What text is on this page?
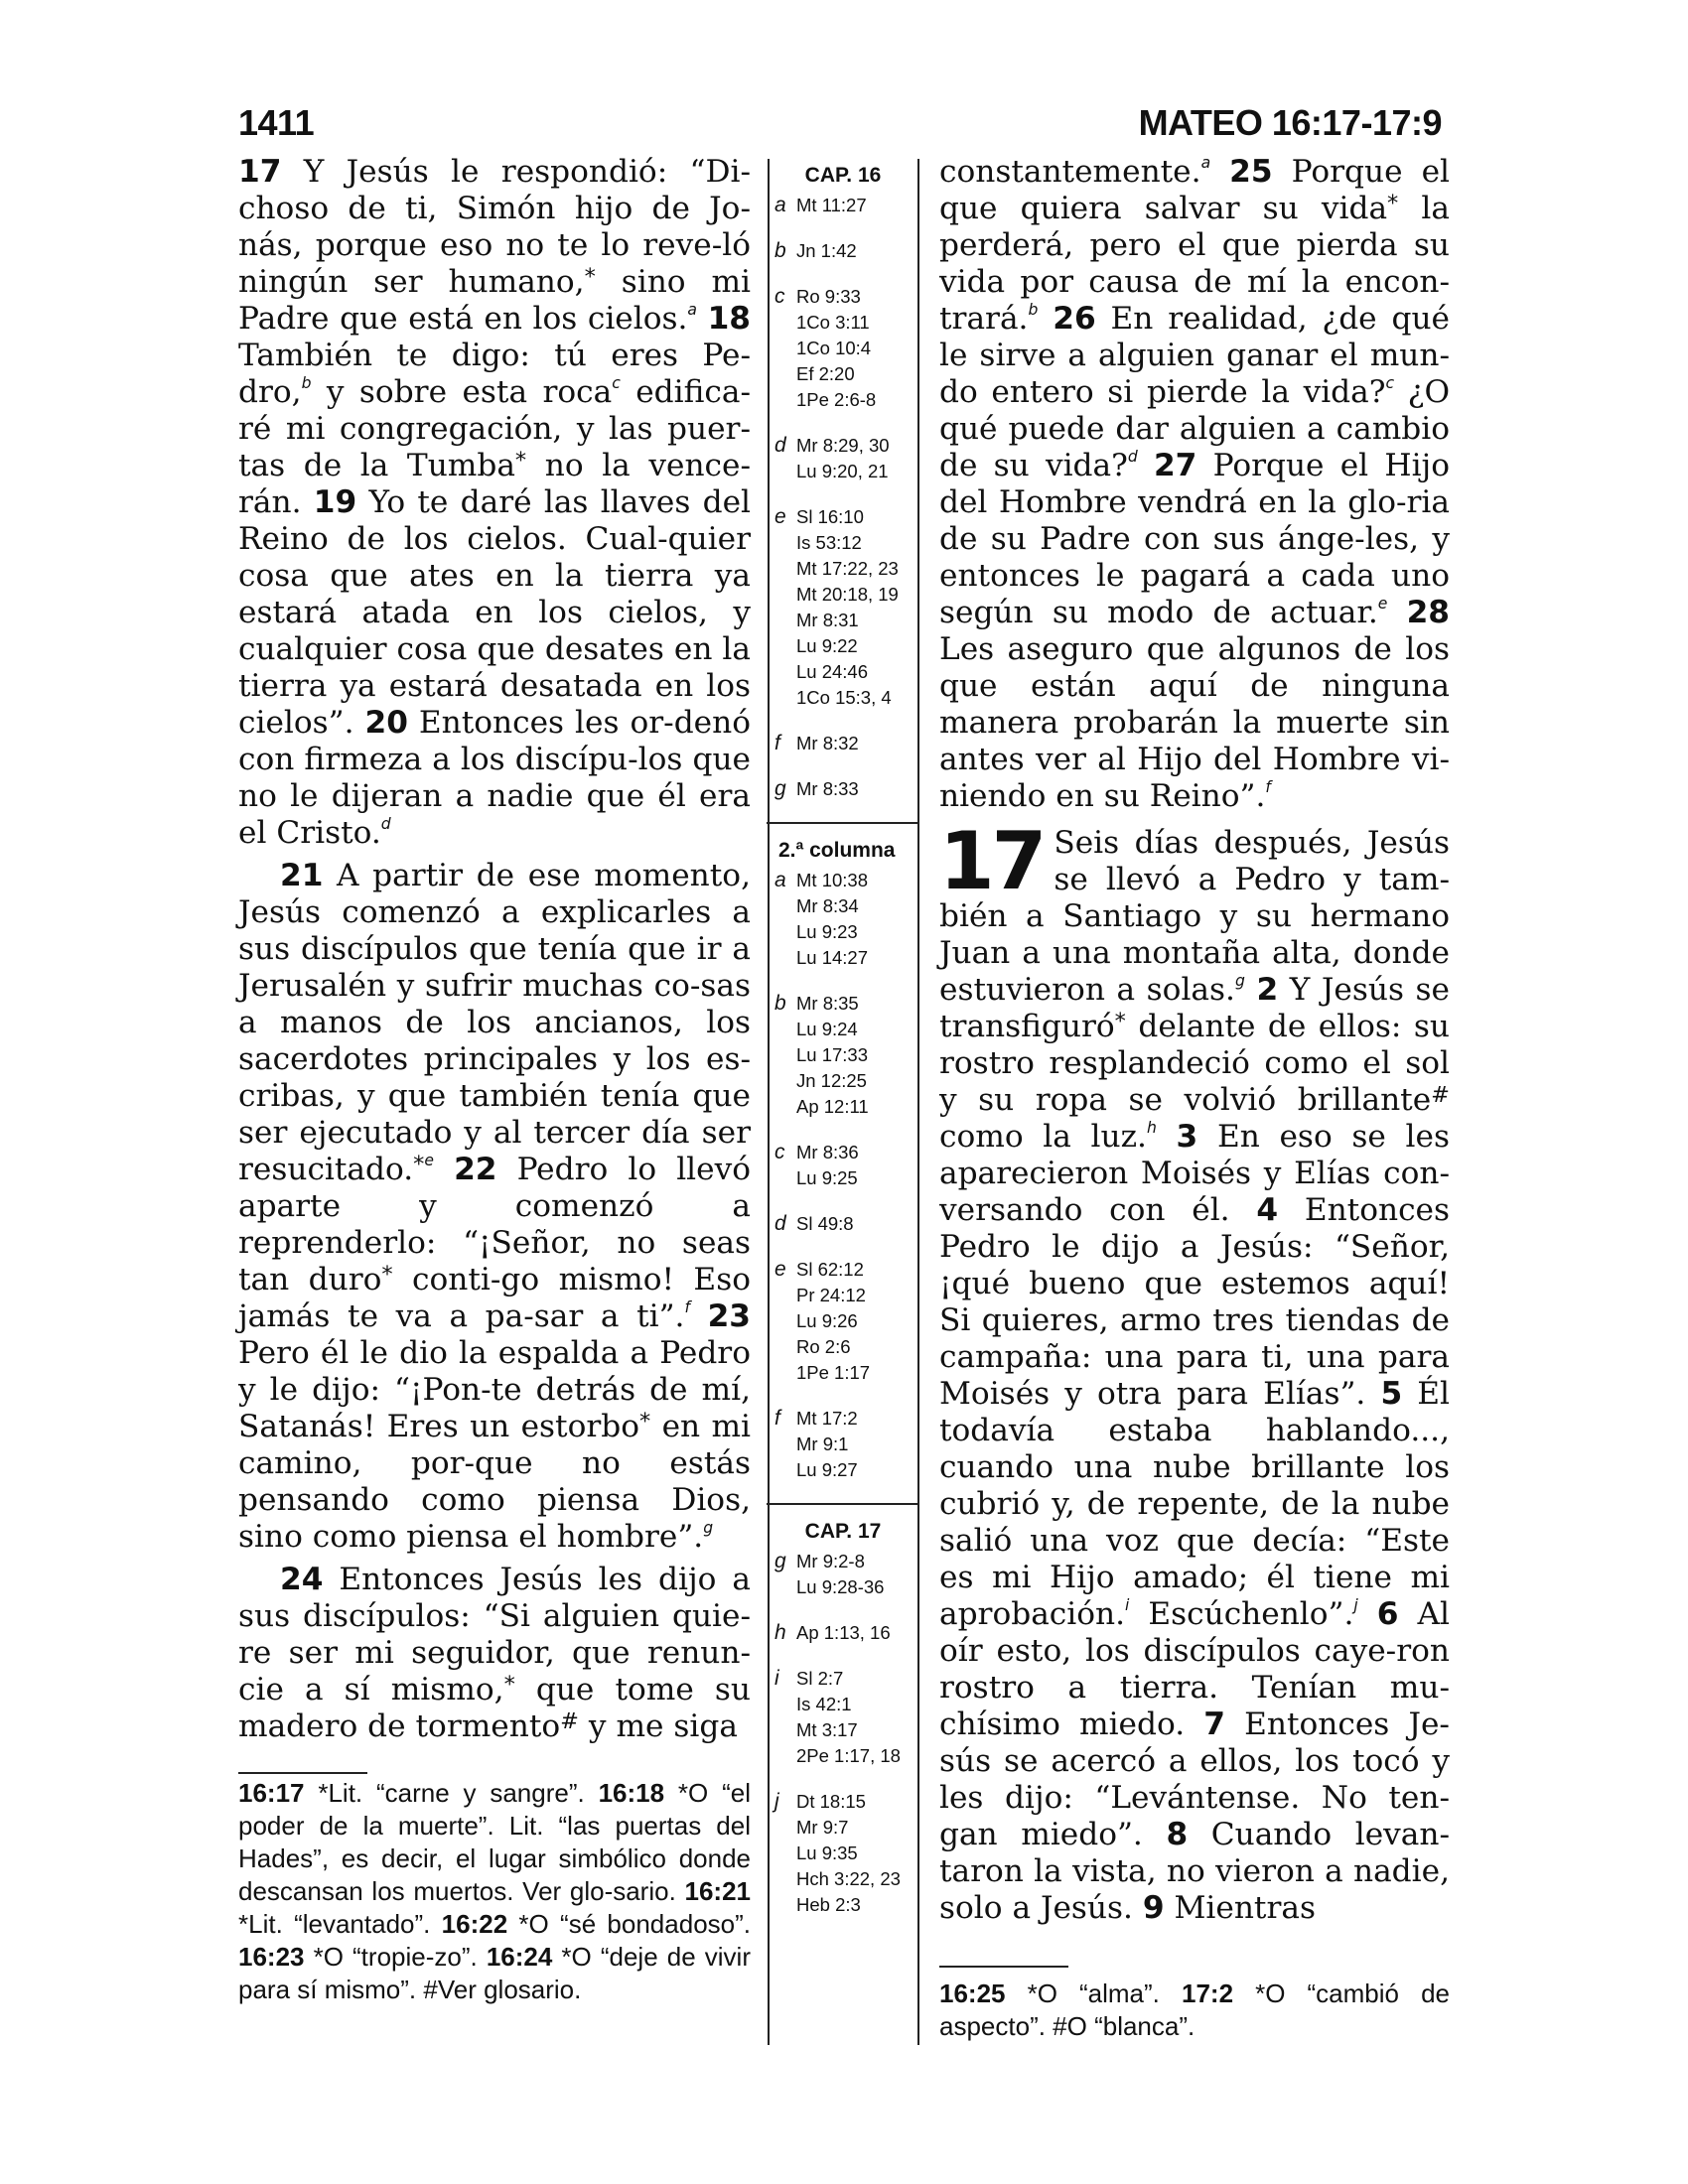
1411	MATEO 16:17-17:9

17 Y Jesús le respondió: “Di-choso de ti, Simón hijo de Jo-nás, porque eso no te lo reve-ló ningún ser humano,* sino mi Padre que está en los cielos.$^a$ 18 También te digo: tú eres Pe-dro,$^b$ y sobre esta roca$^c$ edifica-ré mi congregación, y las puer-tas de la Tumba* no la vence-rán. 19 Yo te daré las llaves del Reino de los cielos. Cual-quier cosa que ates en la tierra ya estará atada en los cielos, y cualquier cosa que desates en la tierra ya estará desatada en los cielos”. 20 Entonces les or-denó con firmeza a los discípu-los que no le dijeran a nadie que él era el Cristo.$^d$

21 A partir de ese momento, Jesús comenzó a explicarles a sus discípulos que tenía que ir a Jerusalén y sufrir muchas co-sas a manos de los ancianos, los sacerdotes principales y los es-cribas, y que también tenía que ser ejecutado y al tercer día ser resucitado.$^{*e}$ 22 Pedro lo llevó aparte y comenzó a reprenderlo: “¡Señor, no seas tan duro* conti-go mismo! Eso jamás te va a pa-sar a ti”.$^f$ 23 Pero él le dio la espalda a Pedro y le dijo: “¡Pon-te detrás de mí, Satanás! Eres un estorbo* en mi camino, por-que no estás pensando como piensa Dios, sino como piensa el hombre”.$^g$

24 Entonces Jesús les dijo a sus discípulos: “Si alguien quie-re ser mi seguidor, que renun-cie a sí mismo,* que tome su madero de tormento# y me siga

16:17 *Lit. “carne y sangre”. 16:18 *O “el poder de la muerte”. Lit. “las puertas del Hades”, es decir, el lugar simbólico donde descansan los muertos. Ver glo-sario. 16:21 *Lit. “levantado”. 16:22 *O “sé bondadoso”. 16:23 *O “tropie-zo”. 16:24 *O “deje de vivir para sí mismo”. #Ver glosario.
CAP. 16
a Mt 11:27
b Jn 1:42
c Ro 9:33
1Co 3:11
1Co 10:4
Ef 2:20
1Pe 2:6-8
d Mr 8:29, 30
Lu 9:20, 21
e Sl 16:10
Is 53:12
Mt 17:22, 23
Mt 20:18, 19
Mr 8:31
Lu 9:22
Lu 24:46
1Co 15:3, 4
f Mr 8:32
g Mr 8:33
2.ª columna
a Mt 10:38
Mr 8:34
Lu 9:23
Lu 14:27
b Mr 8:35
Lu 9:24
Lu 17:33
Jn 12:25
Ap 12:11
c Mr 8:36
Lu 9:25
d Sl 49:8
e Sl 62:12
Pr 24:12
Lu 9:26
Ro 2:6
1Pe 1:17
f Mt 17:2
Mr 9:1
Lu 9:27
CAP. 17
g Mr 9:2-8
Lu 9:28-36
h Ap 1:13, 16
i Sl 2:7
Is 42:1
Mt 3:17
2Pe 1:17, 18
j Dt 18:15
Mr 9:7
Lu 9:35
Hch 3:22, 23
Heb 2:3

constantemente.$^a$ 25 Porque el que quiera salvar su vida* la perderá, pero el que pierda su vida por causa de mí la encon-trará.$^b$ 26 En realidad, ¿de qué le sirve a alguien ganar el mun-do entero si pierde la vida?$^c$ ¿O qué puede dar alguien a cambio de su vida?$^d$ 27 Porque el Hijo del Hombre vendrá en la glo-ria de su Padre con sus ánge-les, y entonces le pagará a cada uno según su modo de actuar.$^e$ 28 Les aseguro que algunos de los que están aquí de ninguna manera probarán la muerte sin antes ver al Hijo del Hombre vi-niendo en su Reino”.$^f$

17 Seis días después, Jesús se llevó a Pedro y tam-bién a Santiago y su hermano Juan a una montaña alta, donde estuvieron a solas.$^g$ 2 Y Jesús se transfiguró* delante de ellos: su rostro resplandeció como el sol y su ropa se volvió brillante# como la luz.$^h$ 3 En eso se les aparecieron Moisés y Elías con-versando con él. 4 Entonces Pedro le dijo a Jesús: “Señor, ¡qué bueno que estemos aquí! Si quieres, armo tres tiendas de campaña: una para ti, una para Moisés y otra para Elías”. 5 Él todavía estaba hablando..., cuando una nube brillante los cubrió y, de repente, de la nube salió una voz que decía: “Este es mi Hijo amado; él tiene mi aprobación.$^i$ Escúchenlo”.$^j$ 6 Al oír esto, los discípulos caye-ron rostro a tierra. Tenían mu-chísimo miedo. 7 Entonces Je-sús se acercó a ellos, los tocó y les dijo: “Levántense. No ten-gan miedo”. 8 Cuando levan-taron la vista, no vieron a nadie, solo a Jesús. 9 Mientras

16:25 *O “alma”. 17:2 *O “cambió de aspecto”. #O “blanca”.
